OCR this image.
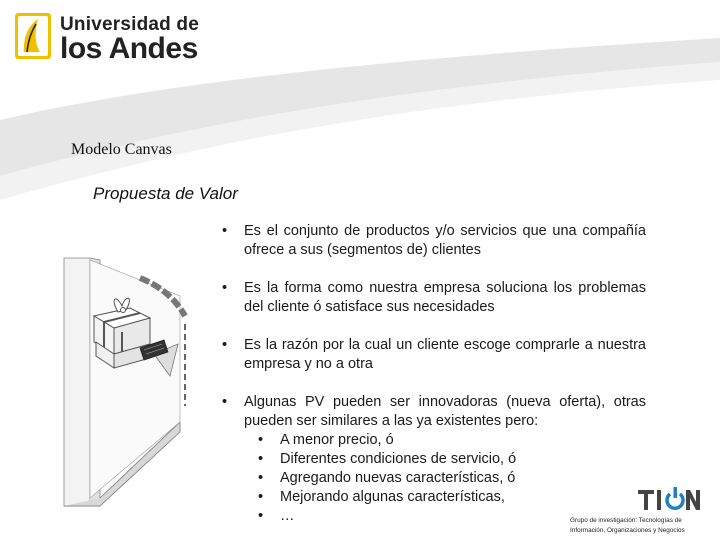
Universidad de
los Andes
Modelo Canvas
Propuesta de Valor
• Es el conjunto de productos y/o servicios que una compañía ofrece a sus (segmentos de) clientes
• Es la forma como nuestra empresa soluciona los problemas del cliente ó satisface sus necesidades
• Es la razón por la cual un cliente escoge comprarle a nuestra empresa y no a otra
• Algunas PV pueden ser innovadoras (nueva oferta), otras pueden ser similares a las ya existentes pero:
• A menor precio, ó
• Diferentes condiciones de servicio, ó
• Agregando nuevas características, ó
• Mejorando algunas características,
• …	Grupo de investigación: Tecnologías de
Información, Organizaciones y Negocios
